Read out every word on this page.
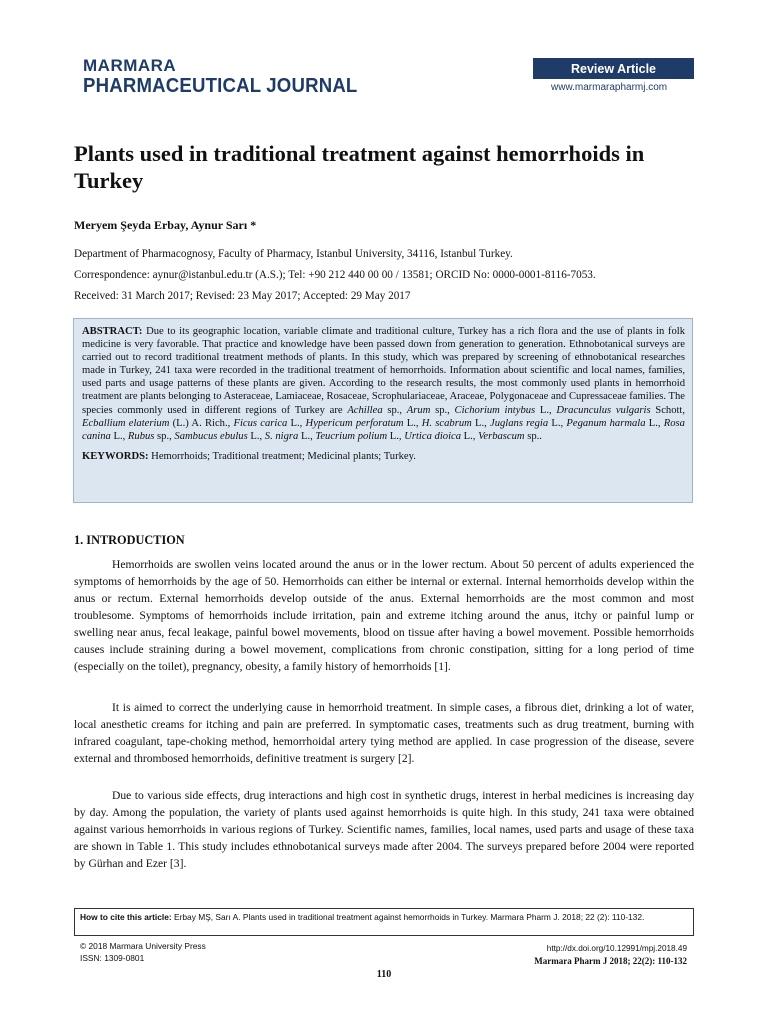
MARMARA
PHARMACEUTICAL JOURNAL
Review Article
www.marmarapharmj.com
Plants used in traditional treatment against hemorrhoids in Turkey
Meryem Şeyda Erbay, Aynur Sarı *
Department of Pharmacognosy, Faculty of Pharmacy, Istanbul University, 34116, Istanbul Turkey.
Correspondence: aynur@istanbul.edu.tr (A.S.); Tel: +90 212 440 00 00 / 13581; ORCID No: 0000-0001-8116-7053.
Received: 31 March 2017; Revised: 23 May 2017; Accepted: 29 May 2017

ABSTRACT: Due to its geographic location, variable climate and traditional culture, Turkey has a rich flora and the use of plants in folk medicine is very favorable. That practice and knowledge have been passed down from generation to generation. Ethnobotanical surveys are carried out to record traditional treatment methods of plants. In this study, which was prepared by screening of ethnobotanical researches made in Turkey, 241 taxa were recorded in the traditional treatment of hemorrhoids. Information about scientific and local names, families, used parts and usage patterns of these plants are given. According to the research results, the most commonly used plants in hemorrhoid treatment are plants belonging to Asteraceae, Lamiaceae, Rosaceae, Scrophulariaceae, Araceae, Polygonaceae and Cupressaceae families. The species commonly used in different regions of Turkey are Achillea sp., Arum sp., Cichorium intybus L., Dracunculus vulgaris Schott, Ecballium elaterium (L.) A. Rich., Ficus carica L., Hypericum perforatum L., H. scabrum L., Juglans regia L., Peganum harmala L., Rosa canina L., Rubus sp., Sambucus ebulus L., S. nigra L., Teucrium polium L., Urtica dioica L., Verbascum sp..

KEYWORDS: Hemorrhoids; Traditional treatment; Medicinal plants; Turkey.

1. INTRODUCTION

Hemorrhoids are swollen veins located around the anus or in the lower rectum. About 50 percent of adults experienced the symptoms of hemorrhoids by the age of 50. Hemorrhoids can either be internal or external. Internal hemorrhoids develop within the anus or rectum. External hemorrhoids develop outside of the anus. External hemorrhoids are the most common and most troublesome. Symptoms of hemorrhoids include irritation, pain and extreme itching around the anus, itchy or painful lump or swelling near anus, fecal leakage, painful bowel movements, blood on tissue after having a bowel movement. Possible hemorrhoids causes include straining during a bowel movement, complications from chronic constipation, sitting for a long period of time (especially on the toilet), pregnancy, obesity, a family history of hemorrhoids [1].

It is aimed to correct the underlying cause in hemorrhoid treatment. In simple cases, a fibrous diet, drinking a lot of water, local anesthetic creams for itching and pain are preferred. In symptomatic cases, treatments such as drug treatment, burning with infrared coagulant, tape-choking method, hemorrhoidal artery tying method are applied. In case progression of the disease, severe external and thrombosed hemorrhoids, definitive treatment is surgery [2].

Due to various side effects, drug interactions and high cost in synthetic drugs, interest in herbal medicines is increasing day by day. Among the population, the variety of plants used against hemorrhoids is quite high. In this study, 241 taxa were obtained against various hemorrhoids in various regions of Turkey. Scientific names, families, local names, used parts and usage of these taxa are shown in Table 1. This study includes ethnobotanical surveys made after 2004. The surveys prepared before 2004 were reported by Gürhan and Ezer [3].

How to cite this article: Erbay MŞ, Sarı A. Plants used in traditional treatment against hemorrhoids in Turkey. Marmara Pharm J. 2018; 22 (2): 110-132.
© 2018 Marmara University Press
ISSN: 1309-0801
http://dx.doi.org/10.12991/mpj.2018.49
Marmara Pharm J 2018; 22(2): 110-132
110
